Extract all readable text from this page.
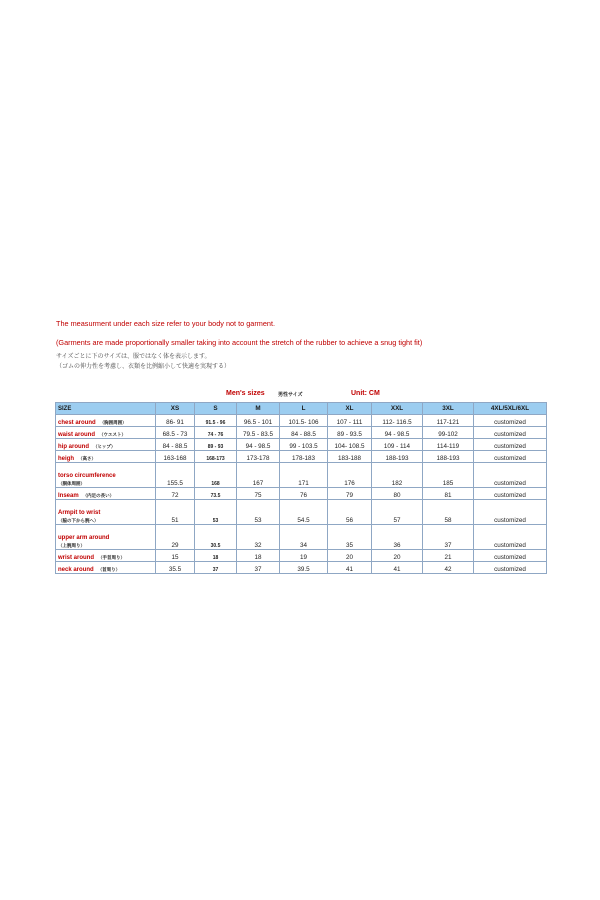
The measurment under each size refer to your body not to garment.
(Garments are made proportionally smaller taking into account the stretch of the rubber to achieve a snug tight fit)
サイズごとに下のサイズは、服ではなく体を表示します。
（ゴムの伸力性を考慮し、衣類を比例縮小して快適を実現する）
Men's sizes	男性サイズ	Unit: CM
SIZE	XS	S	M	L	XL	XXL	3XL	4XL/5XL/6XL
chest around （胸囲周囲）	86- 91	91.5 - 96	96.5 - 101	101.5- 106	107 - 111	112- 116.5	117-121	customized
waist around （ウエスト）	68.5 - 73	74 - 76	79.5 - 83.5	84 - 88.5	89 - 93.5	94 - 98.5	99-102	customized
hip around （ヒップ）	84 - 88.5	89 - 93	94 - 98.5	99 - 103.5	104- 108.5	109 - 114	114-119	customized
heigh （高さ）	163-168	168-173	173-178	178-183	183-188	188-193	188-193	customized

torso circumference
（胴体周囲）	155.5	168	167	171	176	182	185	customized
Inseam （内足の長い）	72	73.5	75	76	79	80	81	customized

Armpit to wrist
（脇の下から腕へ）	51	53	53	54.5	56	57	58	customized

upper arm around
（上腕周り）	29	30.5	32	34	35	36	37	customized
wrist around （手首周り）	15	18	18	19	20	20	21	customized
neck around （首周り）	35.5	37	37	39.5	41	41	42	customized
